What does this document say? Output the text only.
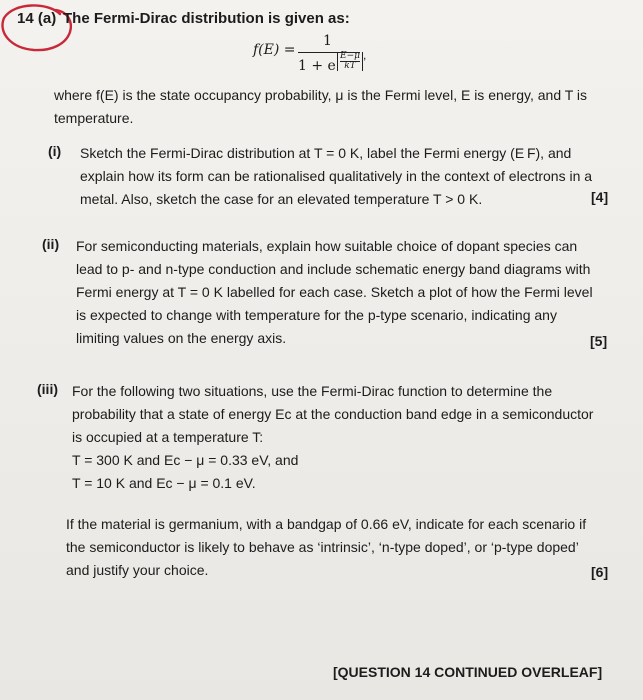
14 (a) The Fermi-Dirac distribution is given as:
f(E) =
1
1 + e $\frac{E-\mu}{kT}$ ,
where f(E) is the state occupancy probability, μ is the Fermi level, E is energy, and T is
temperature.
(i) Sketch the Fermi-Dirac distribution at T = 0 K, label the Fermi energy (E F), and
explain how its form can be rationalised qualitatively in the context of electrons in a
metal. Also, sketch the case for an elevated temperature T > 0 K.	[4]
(ii) For semiconducting materials, explain how suitable choice of dopant species can
lead to p- and n-type conduction and include schematic energy band diagrams with
Fermi energy at T = 0 K labelled for each case. Sketch a plot of how the Fermi level
is expected to change with temperature for the p-type scenario, indicating any
limiting values on the energy axis.	[5]
(iii) For the following two situations, use the Fermi-Dirac function to determine the
probability that a state of energy Ec at the conduction band edge in a semiconductor
is occupied at a temperature T:
T = 300 K and Ec − μ = 0.33 eV, and
T = 10 K and Ec − μ = 0.1 eV.
If the material is germanium, with a bandgap of 0.66 eV, indicate for each scenario if
the semiconductor is likely to behave as ‘intrinsic’, ‘n-type doped’, or ‘p-type doped’
and justify your choice.	[6]
[QUESTION 14 CONTINUED OVERLEAF]
